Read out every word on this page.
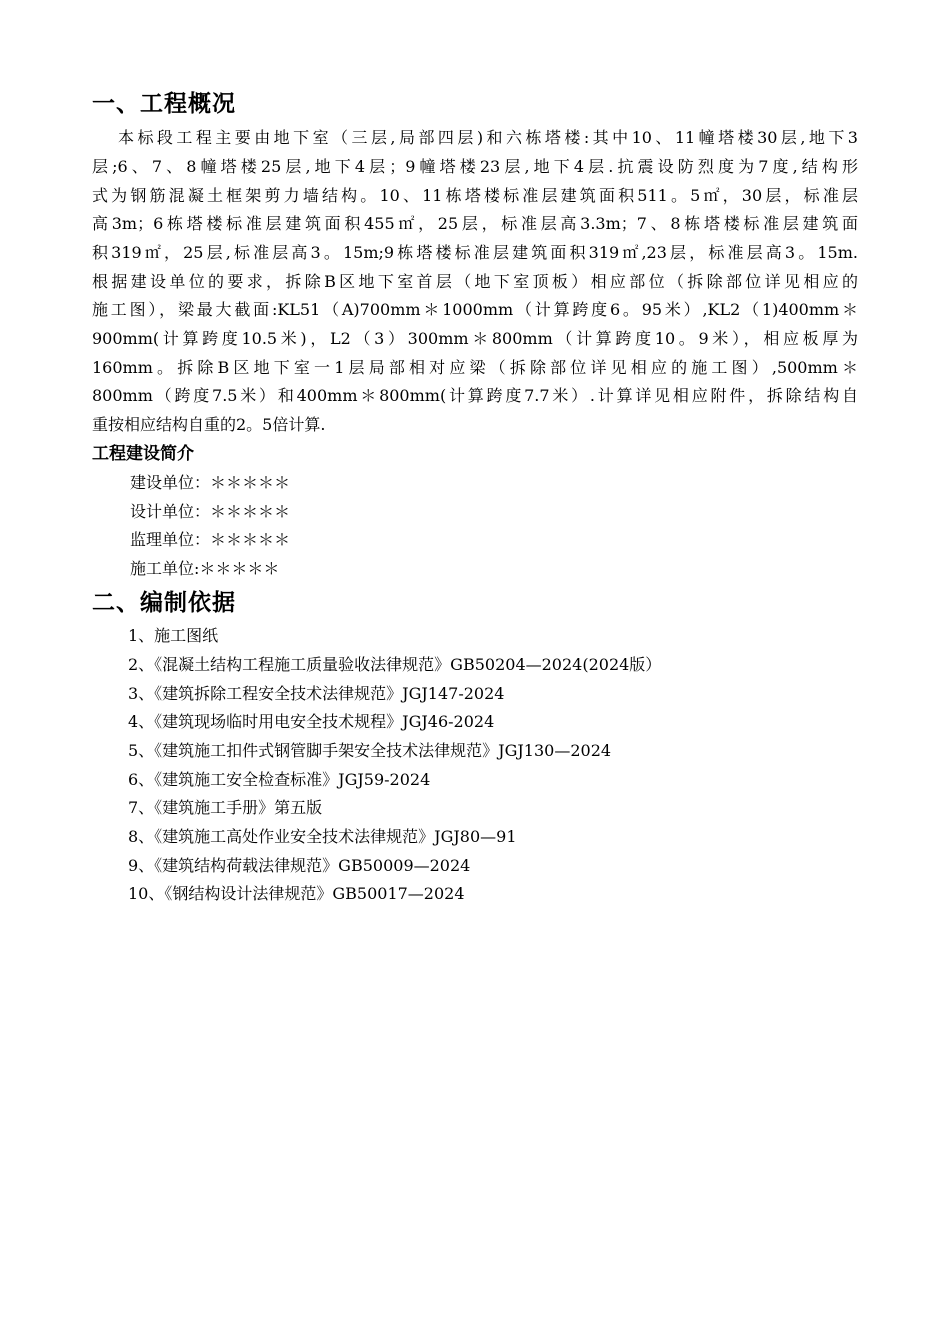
一、工程概况
本标段工程主要由地下室（三层,局部四层)和六栋塔楼:其中10、11幢塔楼30层,地下3
层;6、7、8幢塔楼25层,地下4层；9幢塔楼23层,地下4层.抗震设防烈度为7度,结构形
式为钢筋混凝土框架剪力墙结构。10、11栋塔楼标准层建筑面积511。5㎡，30层，标准层
高3m；6栋塔楼标准层建筑面积455㎡，25层，标准层高3.3m；7、8栋塔楼标准层建筑面
积319㎡，25层,标准层高3。15m;9栋塔楼标准层建筑面积319㎡,23层，标准层高3。15m.
根据建设单位的要求，拆除B区地下室首层（地下室顶板）相应部位（拆除部位详见相应的
施工图），梁最大截面:KL51（A)700mm＊1000mm（计算跨度6。95米）,KL2（1)400mm＊
900mm(计算跨度10.5米)，L2（3）300mm＊800mm（计算跨度10。9米），相应板厚为
160mm。拆除B区地下室一1层局部相对应梁（拆除部位详见相应的施工图）,500mm＊
800mm（跨度7.5米）和400mm＊800mm(计算跨度7.7米）.计算详见相应附件，拆除结构自
重按相应结构自重的2。5倍计算.
工程建设简介
建设单位：＊＊＊＊＊
设计单位：＊＊＊＊＊
监理单位：＊＊＊＊＊
施工单位:＊＊＊＊＊
二、编制依据
1、施工图纸
2、《混凝土结构工程施工质量验收法律规范》GB50204—2024(2024版）
3、《建筑拆除工程安全技术法律规范》JGJ147-2024
4、《建筑现场临时用电安全技术规程》JGJ46-2024
5、《建筑施工扣件式钢管脚手架安全技术法律规范》JGJ130—2024
6、《建筑施工安全检查标准》JGJ59-2024
7、《建筑施工手册》第五版
8、《建筑施工高处作业安全技术法律规范》JGJ80—91
9、《建筑结构荷载法律规范》GB50009—2024
10、《钢结构设计法律规范》GB50017—2024
